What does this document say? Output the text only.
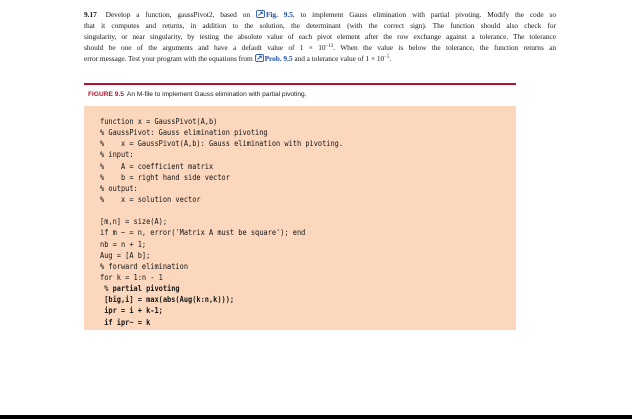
9.17 Develop a function, gaussPivot2, based on Fig. 9.5, to implement Gauss elimination with partial pivoting. Modify the code so
that it computes and returns, in addition to the solution, the determinant (with the correct sign). The function should also check for
singularity, or near singularity, by testing the absolute value of each pivot element after the row exchange against a tolerance. The tolerance
should be one of the arguments and have a default value of $1 \times 10^{-12}$. When the value is below the tolerance, the function returns an
error message. Test your program with the equations from Prob. 9.5 and a tolerance value of $1 \times 10^{-5}$.
FIGURE 9.5 An M-file to implement Gauss elimination with partial pivoting.
function x = GaussPivot(A,b)
% GaussPivot: Gauss elimination pivoting
%    x = GaussPivot(A,b): Gauss elimination with pivoting.
% input:
%    A = coefficient matrix
%    b = right hand side vector
% output:
%    x = solution vector
[m,n] = size(A);
if m ~ = n, error('Matrix A must be square'); end
nb = n + 1;
Aug = [A b];
% forward elimination
for k = 1:n - 1
% partial pivoting
[big,i] = max(abs(Aug(k:n,k)));
ipr = i + k-1;
if ipr~ = k
